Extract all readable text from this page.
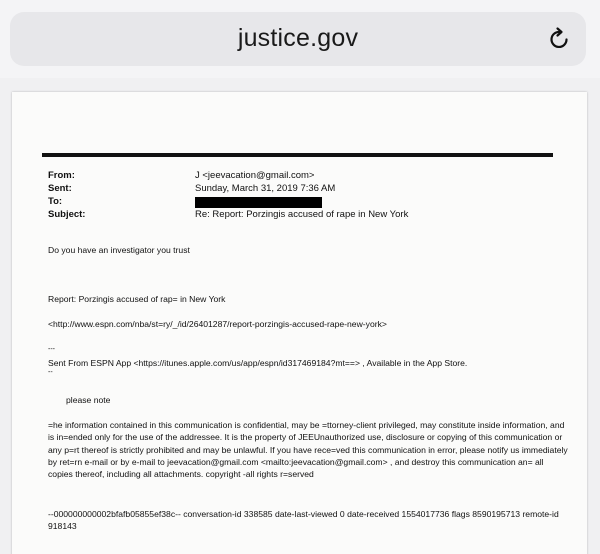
justice.gov
From:	J <jeevacation@gmail.com>
Sent:	Sunday, March 31, 2019 7:36 AM
To:
Subject:	Re: Report: Porzingis accused of rape in New York
Do you have an investigator you trust
Report: Porzingis accused of rap= in New York
<http://www.espn.com/nba/st=ry/_/id/26401287/report-porzingis-accused-rape-new-york>
---
Sent From ESPN App <https://itunes.apple.com/us/app/espn/id317469184?mt==> , Available in the App Store.
--
please note
=he information contained in this communication is confidential, may be =ttorney-client privileged, may constitute inside information, and is in=ended only for the use of the addressee. It is the property of JEEUnauthorized use, disclosure or copying of this communication or any p=rt thereof is strictly prohibited and may be unlawful. If you have rece=ved this communication in error, please notify us immediately by ret=rn e-mail or by e-mail to jeevacation@gmail.com <mailto:jeevacation@gmail.com> , and destroy this communication an= all copies thereof, including all attachments. copyright -all rights r=served
--000000000002bfafb05855ef38c-- conversation-id 338585 date-last-viewed 0 date-received 1554017736 flags 8590195713 remote-id 918143
